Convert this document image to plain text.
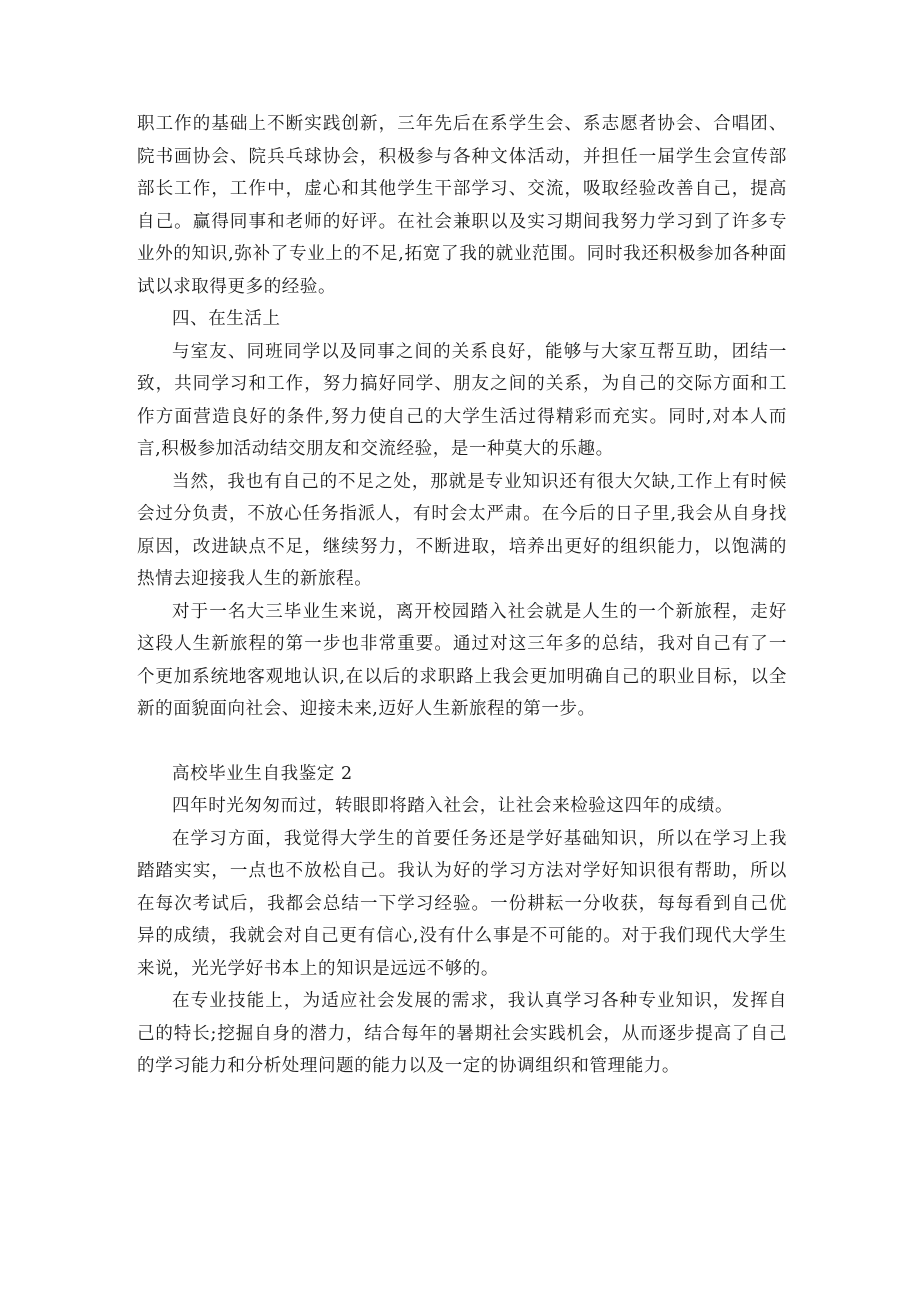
职工作的基础上不断实践创新，三年先后在系学生会、系志愿者协会、合唱团、院书画协会、院兵乓球协会，积极参与各种文体活动，并担任一届学生会宣传部部长工作，工作中，虚心和其他学生干部学习、交流，吸取经验改善自己，提高自己。赢得同事和老师的好评。在社会兼职以及实习期间我努力学习到了许多专业外的知识,弥补了专业上的不足,拓宽了我的就业范围。同时我还积极参加各种面试以求取得更多的经验。

四、在生活上

与室友、同班同学以及同事之间的关系良好，能够与大家互帮互助，团结一致，共同学习和工作，努力搞好同学、朋友之间的关系，为自己的交际方面和工作方面营造良好的条件,努力使自己的大学生活过得精彩而充实。同时,对本人而言,积极参加活动结交朋友和交流经验，是一种莫大的乐趣。

当然，我也有自己的不足之处，那就是专业知识还有很大欠缺,工作上有时候会过分负责，不放心任务指派人，有时会太严肃。在今后的日子里,我会从自身找原因，改进缺点不足，继续努力，不断进取，培养出更好的组织能力，以饱满的热情去迎接我人生的新旅程。

对于一名大三毕业生来说，离开校园踏入社会就是人生的一个新旅程，走好这段人生新旅程的第一步也非常重要。通过对这三年多的总结，我对自己有了一个更加系统地客观地认识,在以后的求职路上我会更加明确自己的职业目标，以全新的面貌面向社会、迎接未来,迈好人生新旅程的第一步。

高校毕业生自我鉴定 2

四年时光匆匆而过，转眼即将踏入社会，让社会来检验这四年的成绩。

在学习方面，我觉得大学生的首要任务还是学好基础知识，所以在学习上我踏踏实实，一点也不放松自己。我认为好的学习方法对学好知识很有帮助，所以在每次考试后，我都会总结一下学习经验。一份耕耘一分收获，每每看到自己优异的成绩，我就会对自己更有信心,没有什么事是不可能的。对于我们现代大学生来说，光光学好书本上的知识是远远不够的。

在专业技能上，为适应社会发展的需求，我认真学习各种专业知识，发挥自己的特长;挖掘自身的潜力，结合每年的暑期社会实践机会，从而逐步提高了自己的学习能力和分析处理问题的能力以及一定的协调组织和管理能力。
